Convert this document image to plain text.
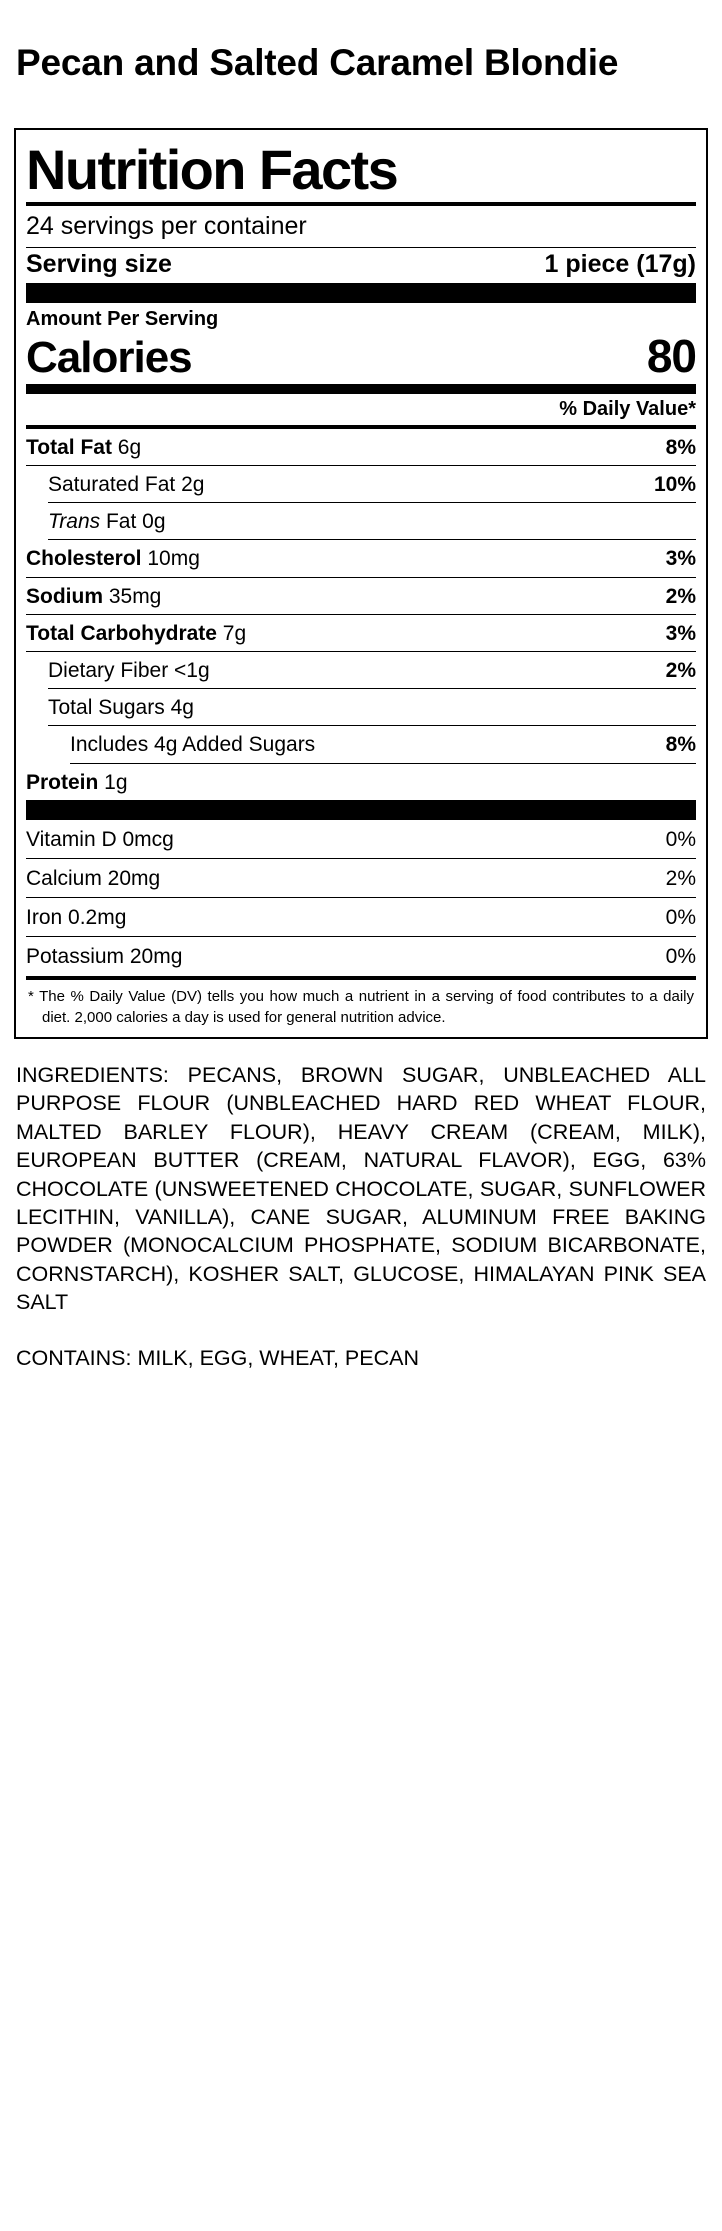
Pecan and Salted Caramel Blondie
Nutrition Facts
24 servings per container
Serving size	1 piece (17g)
Amount Per Serving
Calories	80
% Daily Value*
Total Fat 6g	8%
Saturated Fat 2g	10%
Trans Fat 0g
Cholesterol 10mg	3%
Sodium 35mg	2%
Total Carbohydrate 7g	3%
Dietary Fiber <1g	2%
Total Sugars 4g
Includes 4g Added Sugars	8%
Protein 1g
Vitamin D 0mcg	0%
Calcium 20mg	2%
Iron 0.2mg	0%
Potassium 20mg	0%
* The % Daily Value (DV) tells you how much a nutrient in a serving of food contributes to a daily diet. 2,000 calories a day is used for general nutrition advice.
INGREDIENTS: PECANS, BROWN SUGAR, UNBLEACHED ALL PURPOSE FLOUR (UNBLEACHED HARD RED WHEAT FLOUR, MALTED BARLEY FLOUR), HEAVY CREAM (CREAM, MILK), EUROPEAN BUTTER (CREAM, NATURAL FLAVOR), EGG, 63% CHOCOLATE (UNSWEETENED CHOCOLATE, SUGAR, SUNFLOWER LECITHIN, VANILLA), CANE SUGAR, ALUMINUM FREE BAKING POWDER (MONOCALCIUM PHOSPHATE, SODIUM BICARBONATE, CORNSTARCH), KOSHER SALT, GLUCOSE, HIMALAYAN PINK SEA SALT
CONTAINS: MILK, EGG, WHEAT, PECAN
